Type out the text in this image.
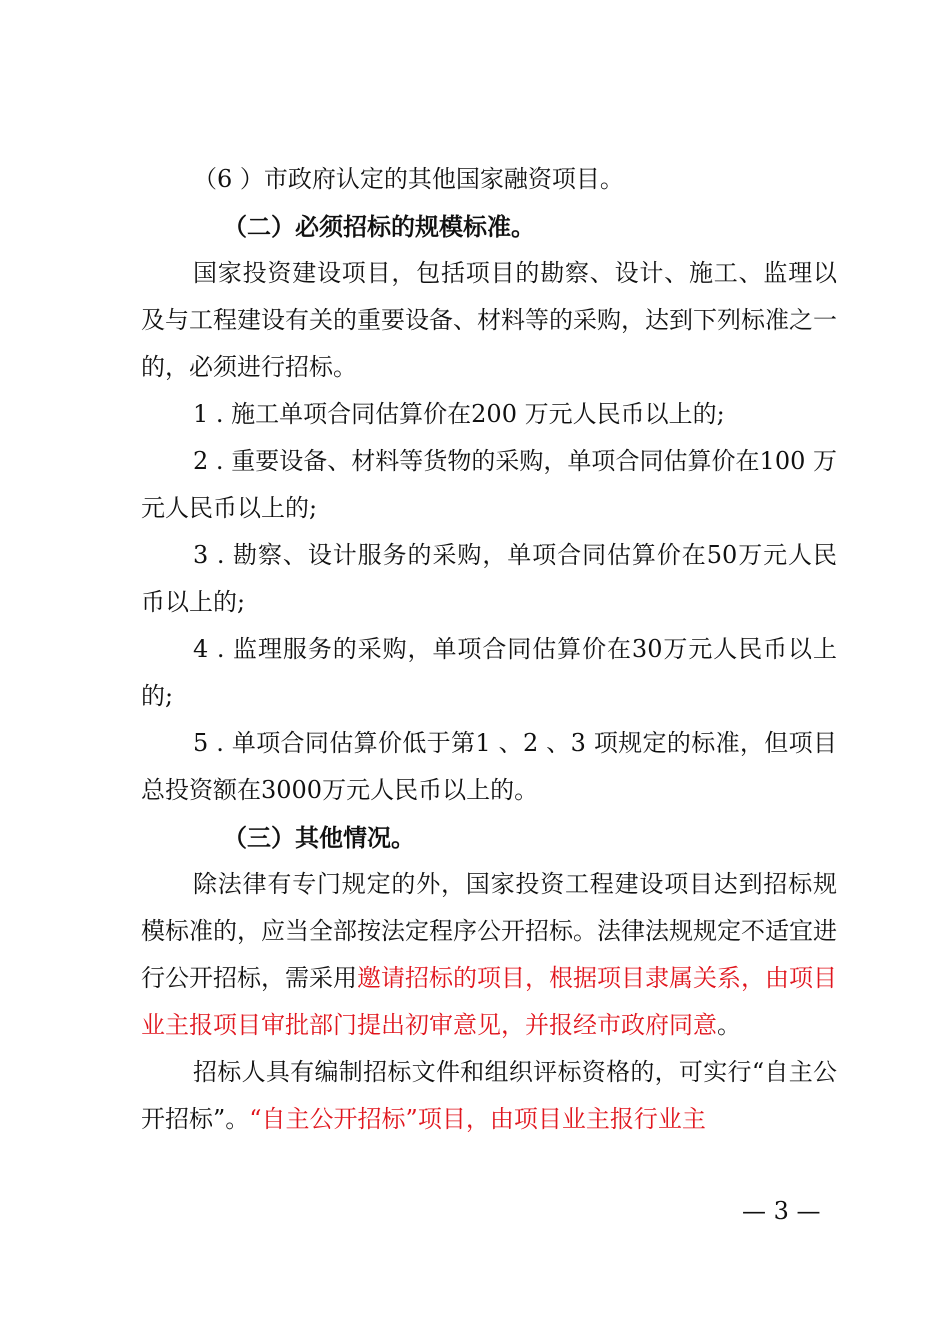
（6 ）市政府认定的其他国家融资项目。

（二）必须招标的规模标准。

国家投资建设项目，包括项目的勘察、设计、施工、监理以及与工程建设有关的重要设备、材料等的采购，达到下列标准之一的，必须进行招标。

1 . 施工单项合同估算价在200 万元人民币以上的;

2 . 重要设备、材料等货物的采购，单项合同估算价在100 万元人民币以上的;

3 . 勘察、设计服务的采购，单项合同估算价在50万元人民币以上的;

4 . 监理服务的采购，单项合同估算价在30万元人民币以上的;

5 . 单项合同估算价低于第1 、2 、3 项规定的标准，但项目总投资额在3000万元人民币以上的。

（三）其他情况。

除法律有专门规定的外，国家投资工程建设项目达到招标规模标准的，应当全部按法定程序公开招标。法律法规规定不适宜进行公开招标，需采用邀请招标的项目，根据项目隶属关系，由项目业主报项目审批部门提出初审意见，并报经市政府同意。

招标人具有编制招标文件和组织评标资格的，可实行“自主公开招标”。“自主公开招标”项目，由项目业主报行业主

— 3 —
